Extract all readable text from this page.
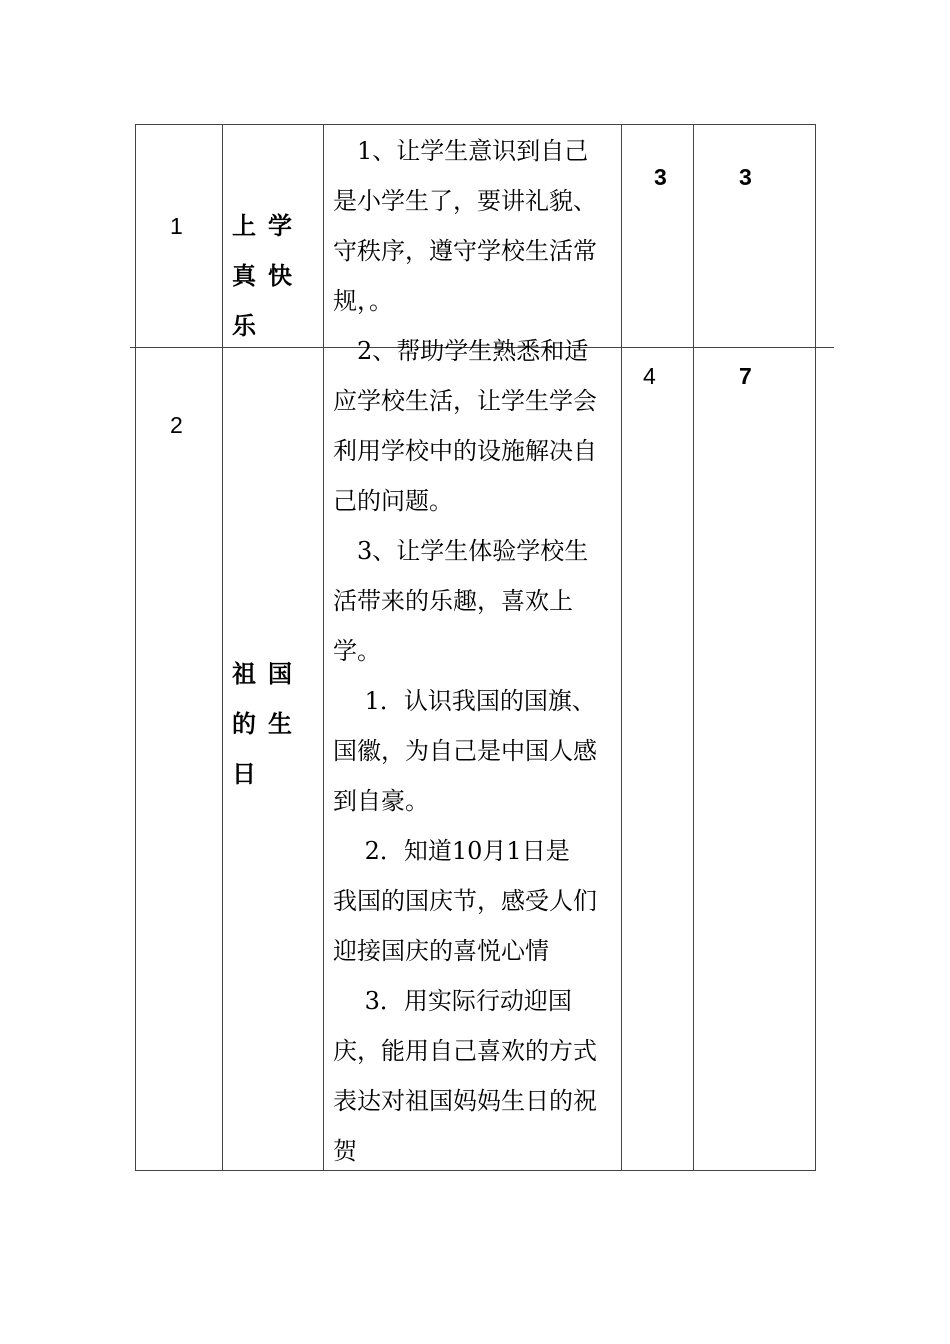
1 上学
真快
乐
3	3
2
祖国
的生
日
4	7
　1、让学生意识到自己
是小学生了，要讲礼貌、
守秩序，遵守学校生活常
规，。
　2、帮助学生熟悉和适
应学校生活，让学生学会
利用学校中的设施解决自
己的问题。
　3、让学生体验学校生
活带来的乐趣，喜欢上
学。
　 1．认识我国的国旗、
国徽，为自己是中国人感
到自豪。
　 2．知道10月1日是
我国的国庆节，感受人们
迎接国庆的喜悦心情
　 3．用实际行动迎国
庆，能用自己喜欢的方式
表达对祖国妈妈生日的祝
贺
